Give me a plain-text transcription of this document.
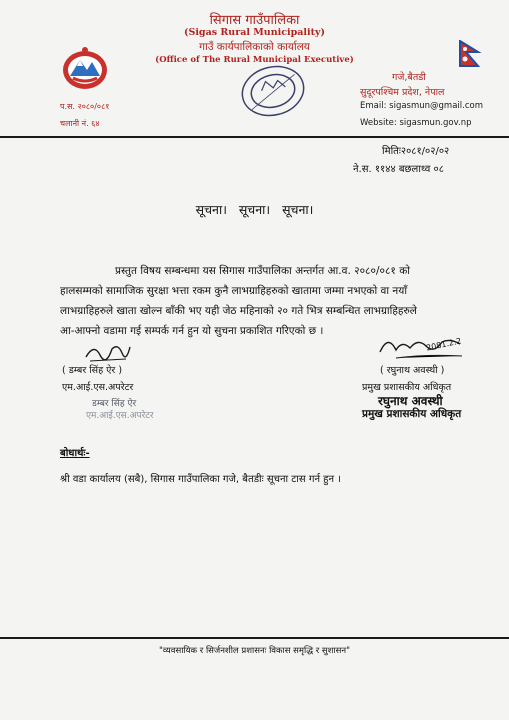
सिगास गाउँपालिका
(Sigas Rural Municipality)
गाउँ कार्यपालिकाको कार्यालय
(Office of The Rural Municipal Executive)
गजे,बैतडी
सुदूरपश्चिम प्रदेश, नेपाल
Email: sigasmun@gmail.com
Website: sigasmun.gov.np
प.स. २०८०/०८१
चलानी नं. ६४
मितिः२०८१/०२/०२
ने.स. ११४४ बछलाथ्व ०८
सूचना।   सूचना।   सूचना।
प्रस्तुत विषय सम्बन्धमा यस सिगास गाउँपालिका अन्तर्गत आ.व. २०८०/०८१ को
हालसम्मको सामाजिक सुरक्षा भत्ता रकम कुनै लाभग्राहिहरुको खातामा जम्मा नभएको वा नयाँ
लाभग्राहिहरुले खाता खोल्न बाँकी भए यही जेठ महिनाको २० गते भित्र सम्बन्धित लाभग्राहिहरुले
आ-आफ्नो वडामा गई सम्पर्क गर्न हुन यो सुचना प्रकाशित गरिएको छ ।
( डम्बर सिंह ऐर )
एम.आई.एस.अपरेटर
डम्बर सिंह ऐर
एम.आई.एस.अपरेटर
2081.2.2
( रघुनाथ अवस्थी )
प्रमुख प्रशासकीय अधिकृत
रघुनाथ अवस्थी
प्रमुख प्रशासकीय अधिकृत
बोधार्थः-
श्री वडा कार्यालय (सबै), सिगास गाउँपालिका गजे, बैतडीः सूचना टास गर्न हुन ।
"व्यवसायिक र सिर्जनशील प्रशासनः विकास समृद्धि र सुशासन"
